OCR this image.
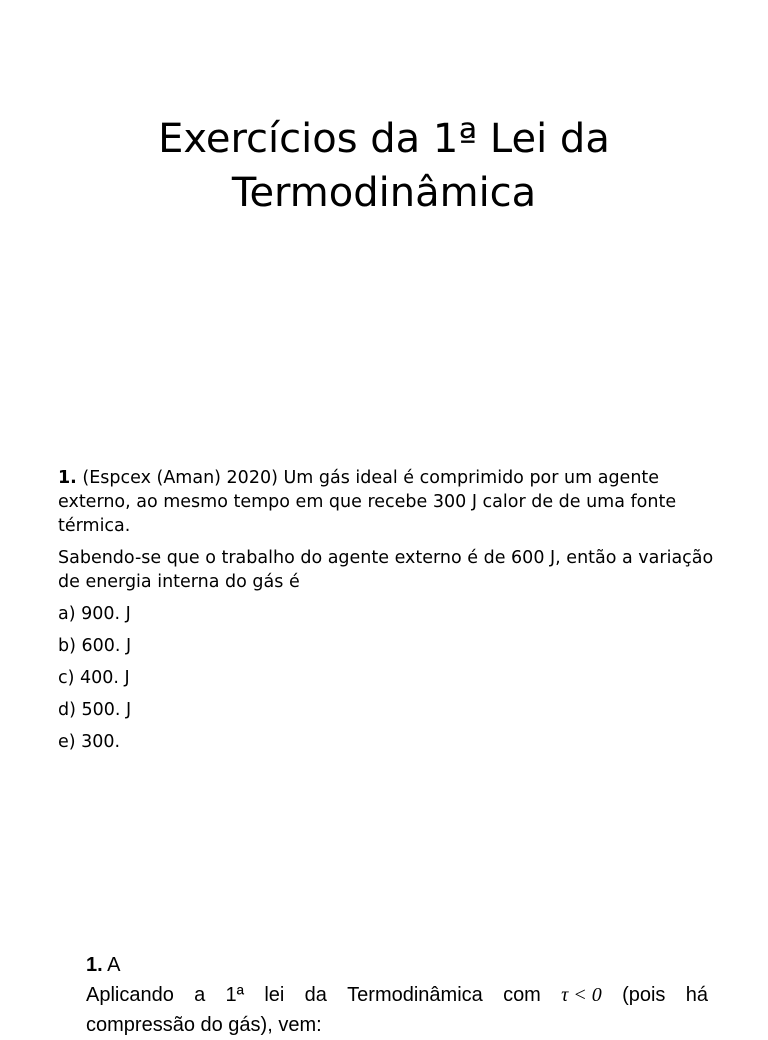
Exercícios da 1ª Lei da
Termodinâmica

1. (Espcex (Aman) 2020) Um gás ideal é comprimido por um agente externo, ao mesmo tempo em que recebe 300 J calor de de uma fonte térmica.

Sabendo-se que o trabalho do agente externo é de 600 J, então a variação de energia interna do gás é

a) 900. J
b) 600. J
c) 400. J
d) 500. J
e) 300.
1. A
Aplicando a 1ª lei da Termodinâmica com τ < 0 (pois há
compressão do gás), vem:
